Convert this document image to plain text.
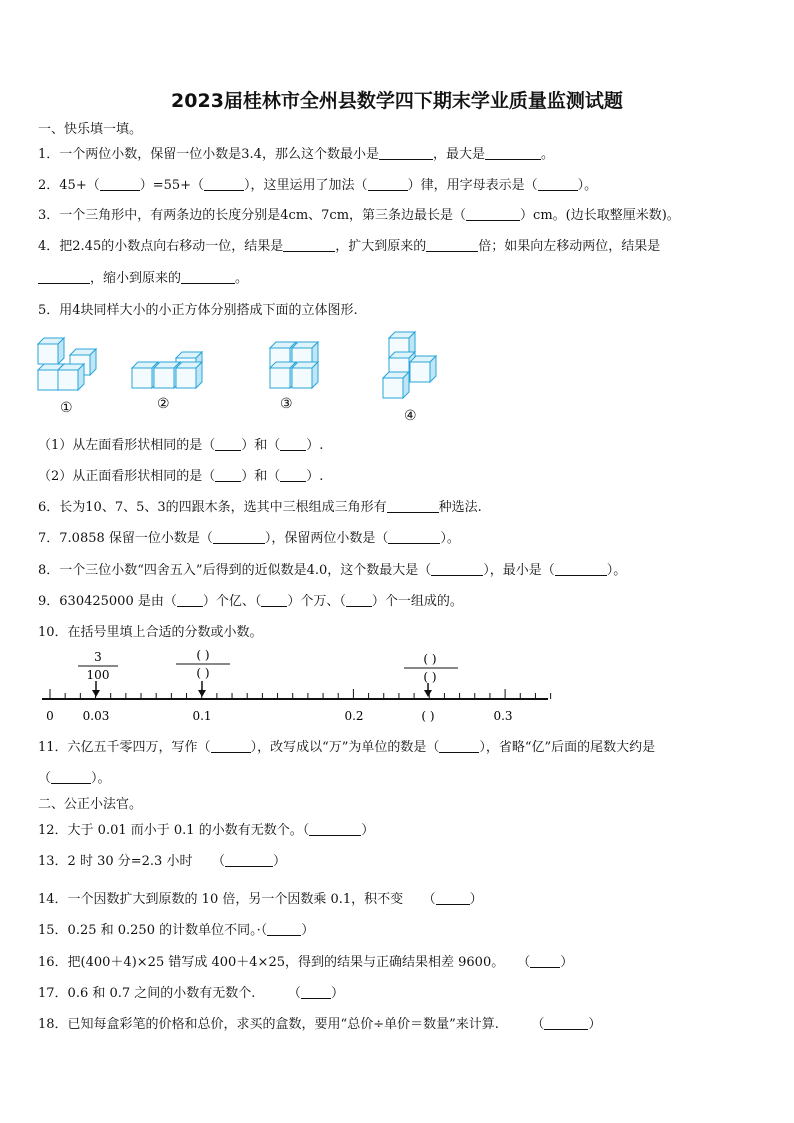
2023届桂林市全州县数学四下期末学业质量监测试题
一、快乐填一填。
1．一个两位小数，保留一位小数是3.4，那么这个数最小是	，最大是	。
2．45+（	）=55+（	），这里运用了加法（	）律，用字母表示是（	）。
3．一个三角形中，有两条边的长度分别是4cm、7cm，第三条边最长是（	）cm。(边长取整厘米数)。
4．把2.45的小数点向右移动一位，结果是	，扩大到原来的	倍；如果向左移动两位，结果是
，缩小到原来的	。
5．用4块同样大小的小正方体分别搭成下面的立体图形.
①	②	③
④
（1）从左面看形状相同的是（ ）和（ ）.
（2）从正面看形状相同的是（ ）和（ ）.
6．长为10、7、5、3的四跟木条，选其中三根组成三角形有	种选法.
7．7.0858 保留一位小数是（	），保留两位小数是（	）。
8．一个三位小数“四舍五入”后得到的近似数是4.0，这个数最大是（	），最小是（	）。
9．630425000 是由（ ）个亿、（ ）个万、（ ）个一组成的。
10．在括号里填上合适的分数或小数。
3
100
( )
( )
( )
( )
0 0.03	0.1	0.2	( )	0.3
11．六亿五千零四万，写作（	），改写成以“万”为单位的数是（	），省略“亿”后面的尾数大约是
（	）。
二、公正小法官。
12．大于 0.01 而小于 0.1 的小数有无数个。（	）
13．2 时 30 分=2.3 小时　　（	）
14．一个因数扩大到原数的 10 倍，另一个因数乘 0.1，积不变　　（	）
15．0.25 和 0.250 的计数单位不同。·（	）
16．把(400＋4)×25 错写成 400＋4×25，得到的结果与正确结果相差 9600。　　（ ）
17．0.6 和 0.7 之间的小数有无数个.　　　（ ）
18．已知每盒彩笔的价格和总价，求买的盒数，要用“总价÷单价＝数量”来计算.　　　（	）
